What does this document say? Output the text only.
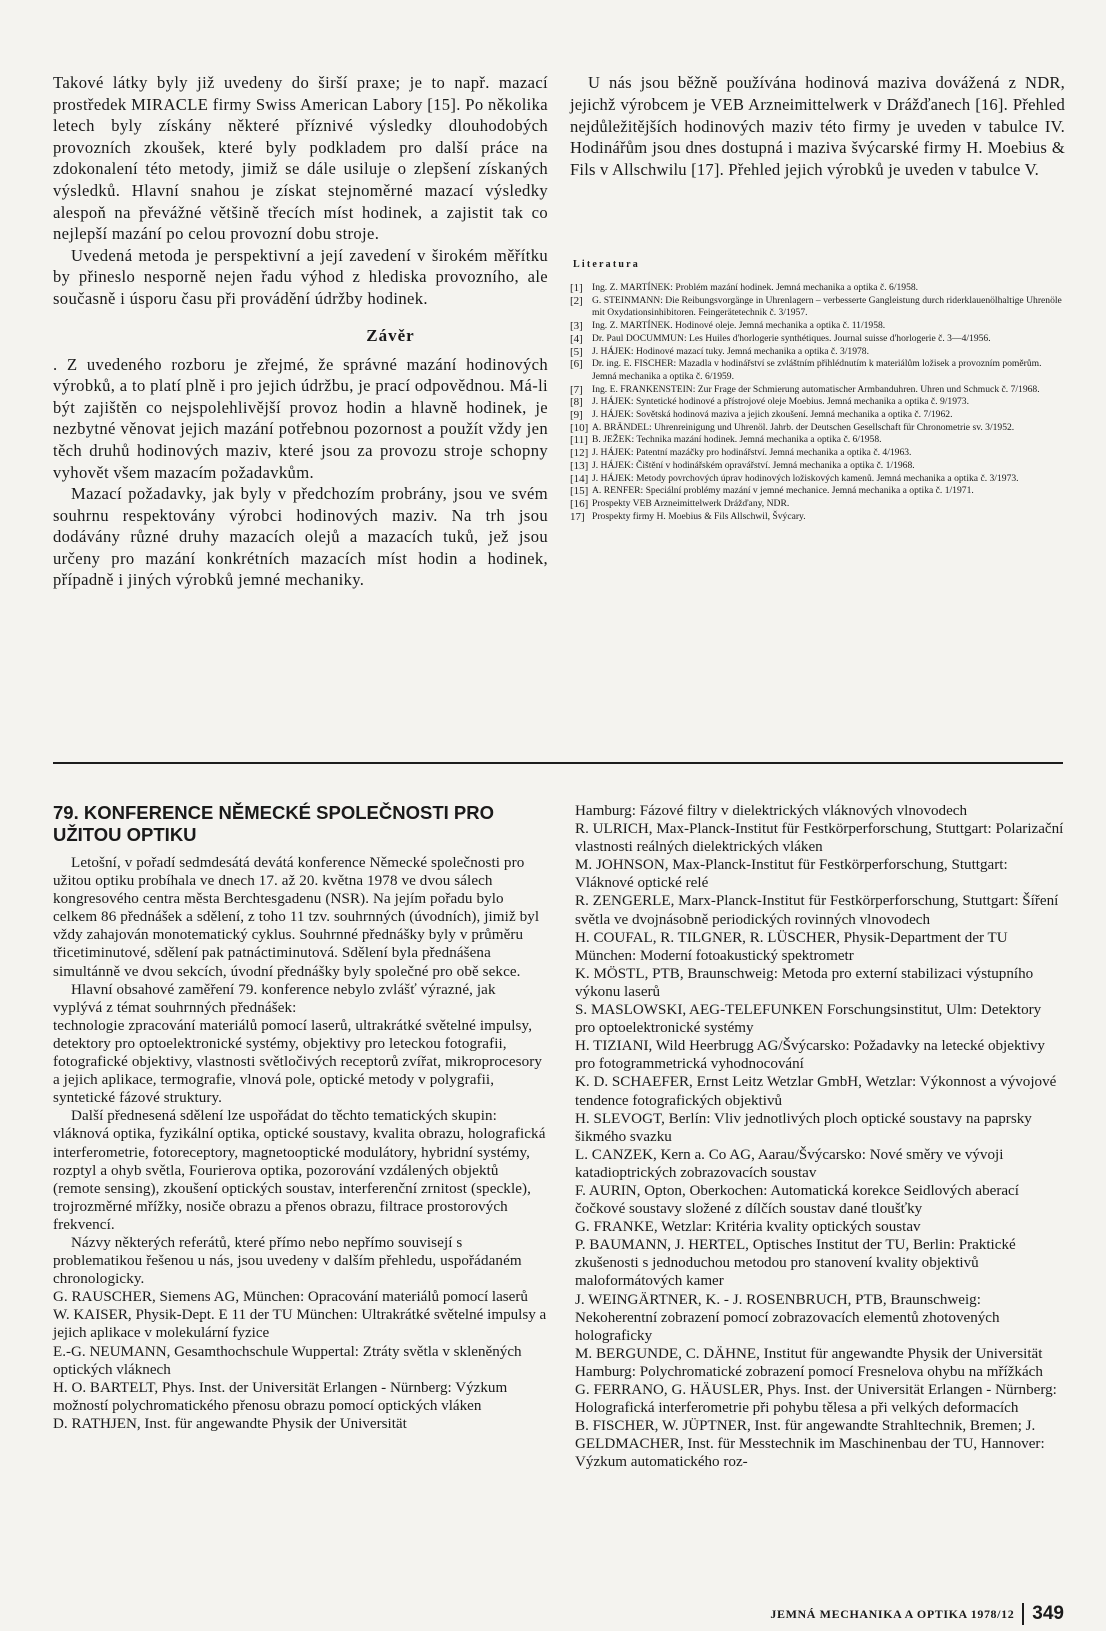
Takové látky byly již uvedeny do širší praxe; je to např. mazací prostředek MIRACLE firmy Swiss American Labory [15]. Po několika letech byly získány některé příznivé výsledky dlouhodobých provozních zkoušek, které byly podkladem pro další práce na zdokonalení této metody, jimiž se dále usiluje o zlepšení získaných výsledků. Hlavní snahou je získat stejnoměrné mazací výsledky alespoň na převážné většině třecích míst hodinek, a zajistit tak co nejlepší mazání po celou provozní dobu stroje.

Uvedená metoda je perspektivní a její zavedení v širokém měřítku by přineslo nesporně nejen řadu výhod z hlediska provozního, ale současně i úsporu času při provádění údržby hodinek.

Závěr

. Z uvedeného rozboru je zřejmé, že správné mazání hodinových výrobků, a to platí plně i pro jejich údržbu, je prací odpovědnou. Má-li být zajištěn co nejspolehlivější provoz hodin a hlavně hodinek, je nezbytné věnovat jejich mazání potřebnou pozornost a použít vždy jen těch druhů hodinových maziv, které jsou za provozu stroje schopny vyhovět všem mazacím požadavkům.

Mazací požadavky, jak byly v předchozím probrány, jsou ve svém souhrnu respektovány výrobci hodinových maziv. Na trh jsou dodávány různé druhy mazacích olejů a mazacích tuků, jež jsou určeny pro mazání konkrétních mazacích míst hodin a hodinek, případně i jiných výrobků jemné mechaniky.

U nás jsou běžně používána hodinová maziva dovážená z NDR, jejichž výrobcem je VEB Arzneimittelwerk v Drážďanech [16]. Přehled nejdůležitějších hodinových maziv této firmy je uveden v tabulce IV. Hodinářům jsou dnes dostupná i maziva švýcarské firmy H. Moebius & Fils v Allschwilu [17]. Přehled jejich výrobků je uveden v tabulce V.

Literatura
[1] Ing. Z. MARTÍNEK: Problém mazání hodinek. Jemná mechanika a optika č. 6/1958.
[2] G. STEINMANN: Die Reibungsvorgänge in Uhrenlagern – verbesserte Gangleistung durch riderklauenölhaltige Uhrenöle mit Oxydationsinhibitoren. Feingerätetechnik č. 3/1957.
[3] Ing. Z. MARTÍNEK. Hodinové oleje. Jemná mechanika a optika č. 11/1958.
[4] Dr. Paul DOCUMMUN: Les Huiles d'horlogerie synthétiques. Journal suisse d'horlogerie č. 3—4/1956.
[5] J. HÁJEK: Hodinové mazací tuky. Jemná mechanika a optika č. 3/1978.
[6] Dr. ing. E. FISCHER: Mazadla v hodinářství se zvláštním přihlédnutím k materiálům ložisek a provozním poměrům. Jemná mechanika a optika č. 6/1959.
[7] Ing. E. FRANKENSTEIN: Zur Frage der Schmierung automatischer Armbanduhren. Uhren und Schmuck č. 7/1968.
[8] J. HÁJEK: Syntetické hodinové a přístrojové oleje Moebius. Jemná mechanika a optika č. 9/1973.
[9] J. HÁJEK: Sovětská hodinová maziva a jejich zkoušení. Jemná mechanika a optika č. 7/1962.
[10] A. BRÄNDEL: Uhrenreinigung und Uhrenöl. Jahrb. der Deutschen Gesellschaft für Chronometrie sv. 3/1952.
[11] B. JEŽEK: Technika mazání hodinek. Jemná mechanika a optika č. 6/1958.
[12] J. HÁJEK: Patentní mazáčky pro hodinářství. Jemná mechanika a optika č. 4/1963.
[13] J. HÁJEK: Čištění v hodinářském opravářství. Jemná mechanika a optika č. 1/1968.
[14] J. HÁJEK: Metody povrchových úprav hodinových ložiskových kamenů. Jemná mechanika a optika č. 3/1973.
[15] A. RENFER: Speciální problémy mazání v jemné mechanice. Jemná mechanika a optika č. 1/1971.
[16] Prospekty VEB Arzneimittelwerk Drážďany, NDR.
17] Prospekty firmy H. Moebius & Fils Allschwil, Švýcary.
79. KONFERENCE NĚMECKÉ SPOLEČNOSTI PRO UŽITOU OPTIKU

Letošní, v pořadí sedmdesátá devátá konference Německé společnosti pro užitou optiku probíhala ve dnech 17. až 20. května 1978 ve dvou sálech kongresového centra města Berchtesgadenu (NSR). Na jejím pořadu bylo celkem 86 přednášek a sdělení, z toho 11 tzv. souhrnných (úvodních), jimiž byl vždy zahajován monotematický cyklus. Souhrnné přednášky byly v průměru třicetiminutové, sdělení pak patnáctiminutová. Sdělení byla přednášena simultánně ve dvou sekcích, úvodní přednášky byly společné pro obě sekce.

Hlavní obsahové zaměření 79. konference nebylo zvlášť výrazné, jak vyplývá z témat souhrnných přednášek:

technologie zpracování materiálů pomocí laserů, ultrakrátké světelné impulsy, detektory pro optoelektronické systémy, objektivy pro leteckou fotografii, fotografické objektivy, vlastnosti světločivých receptorů zvířat, mikroprocesory a jejich aplikace, termografie, vlnová pole, optické metody v polygrafii, syntetické fázové struktury.

Další přednesená sdělení lze uspořádat do těchto tematických skupin:

vláknová optika, fyzikální optika, optické soustavy, kvalita obrazu, holografická interferometrie, fotoreceptory, magnetooptické modulátory, hybridní systémy, rozptyl a ohyb světla, Fourierova optika, pozorování vzdálených objektů (remote sensing), zkoušení optických soustav, interferenční zrnitost (speckle), trojrozměrné mřížky, nosiče obrazu a přenos obrazu, filtrace prostorových frekvencí.

Názvy některých referátů, které přímo nebo nepřímo souvisejí s problematikou řešenou u nás, jsou uvedeny v dalším přehledu, uspořádaném chronologicky.

G. RAUSCHER, Siemens AG, München: Opracování materiálů pomocí laserů
W. KAISER, Physik-Dept. E 11 der TU München: Ultrakrátké světelné impulsy a jejich aplikace v molekulární fyzice
E.-G. NEUMANN, Gesamthochschule Wuppertal: Ztráty světla v skleněných optických vláknech
H. O. BARTELT, Phys. Inst. der Universität Erlangen - Nürnberg: Výzkum možností polychromatického přenosu obrazu pomocí optických vláken
D. RATHJEN, Inst. für angewandte Physik der Universität
Hamburg: Fázové filtry v dielektrických vláknových vlnovodech
R. ULRICH, Max-Planck-Institut für Festkörperforschung, Stuttgart: Polarizační vlastnosti reálných dielektrických vláken
M. JOHNSON, Max-Planck-Institut für Festkörperforschung, Stuttgart: Vláknové optické relé
R. ZENGERLE, Marx-Planck-Institut für Festkörperforschung, Stuttgart: Šíření světla ve dvojnásobně periodických rovinných vlnovodech
H. COUFAL, R. TILGNER, R. LÜSCHER, Physik-Department der TU München: Moderní fotoakustický spektrometr
K. MÖSTL, PTB, Braunschweig: Metoda pro externí stabilizaci výstupního výkonu laserů
S. MASLOWSKI, AEG-TELEFUNKEN Forschungsinstitut, Ulm: Detektory pro optoelektronické systémy
H. TIZIANI, Wild Heerbrugg AG/Švýcarsko: Požadavky na letecké objektivy pro fotogrammetrická vyhodnocování
K. D. SCHAEFER, Ernst Leitz Wetzlar GmbH, Wetzlar: Výkonnost a vývojové tendence fotografických objektivů
H. SLEVOGT, Berlín: Vliv jednotlivých ploch optické soustavy na paprsky šikmého svazku
L. CANZEK, Kern a. Co AG, Aarau/Švýcarsko: Nové směry ve vývoji katadioptrických zobrazovacích soustav
F. AURIN, Opton, Oberkochen: Automatická korekce Seidlových aberací čočkové soustavy složené z dílčích soustav dané tloušťky
G. FRANKE, Wetzlar: Kritéria kvality optických soustav
P. BAUMANN, J. HERTEL, Optisches Institut der TU, Berlin: Praktické zkušenosti s jednoduchou metodou pro stanovení kvality objektivů maloformátových kamer
J. WEINGÄRTNER, K. - J. ROSENBRUCH, PTB, Braunschweig: Nekoherentní zobrazení pomocí zobrazovacích elementů zhotovených holograficky
M. BERGUNDE, C. DÄHNE, Institut für angewandte Physik der Universität Hamburg: Polychromatické zobrazení pomocí Fresnelova ohybu na mřížkách
G. FERRANO, G. HÄUSLER, Phys. Inst. der Universität Erlangen - Nürnberg: Holografická interferometrie při pohybu tělesa a při velkých deformacích
B. FISCHER, W. JÜPTNER, Inst. für angewandte Strahltechnik, Bremen; J. GELDMACHER, Inst. für Messtechnik im Maschinenbau der TU, Hannover: Výzkum automatického roz-
JEMNÁ MECHANIKA A OPTIKA 1978/12 349
